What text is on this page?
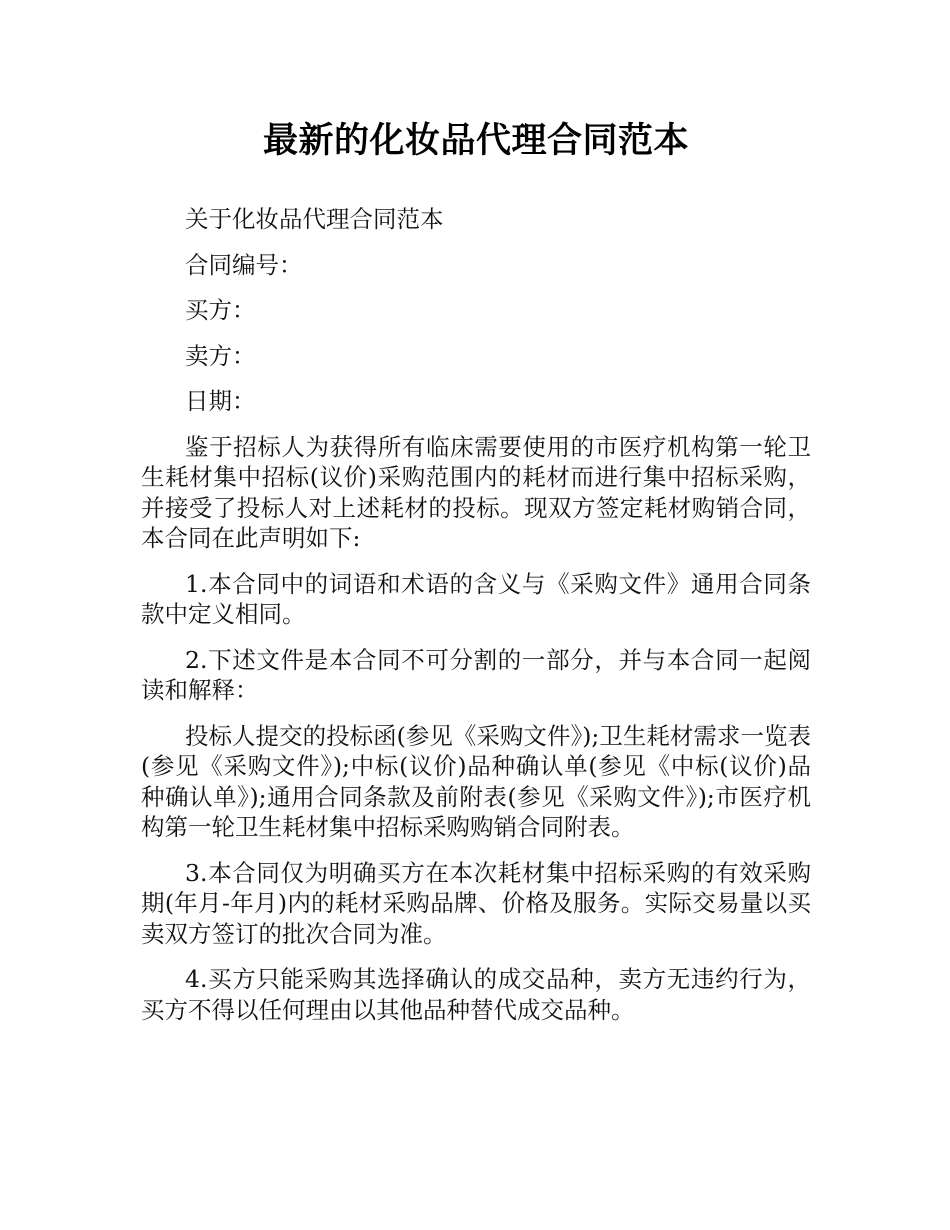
最新的化妆品代理合同范本
关于化妆品代理合同范本
合同编号：
买方：
卖方：
日期：
鉴于招标人为获得所有临床需要使用的市医疗机构第一轮卫生耗材集中招标(议价)采购范围内的耗材而进行集中招标采购，并接受了投标人对上述耗材的投标。现双方签定耗材购销合同，本合同在此声明如下:
1.本合同中的词语和术语的含义与《采购文件》通用合同条款中定义相同。
2.下述文件是本合同不可分割的一部分，并与本合同一起阅读和解释：
投标人提交的投标函(参见《采购文件》);卫生耗材需求一览表(参见《采购文件》);中标(议价)品种确认单(参见《中标(议价)品种确认单》);通用合同条款及前附表(参见《采购文件》);市医疗机构第一轮卫生耗材集中招标采购购销合同附表。
3.本合同仅为明确买方在本次耗材集中招标采购的有效采购期(年月-年月)内的耗材采购品牌、价格及服务。实际交易量以买卖双方签订的批次合同为准。
4.买方只能采购其选择确认的成交品种，卖方无违约行为，买方不得以任何理由以其他品种替代成交品种。
